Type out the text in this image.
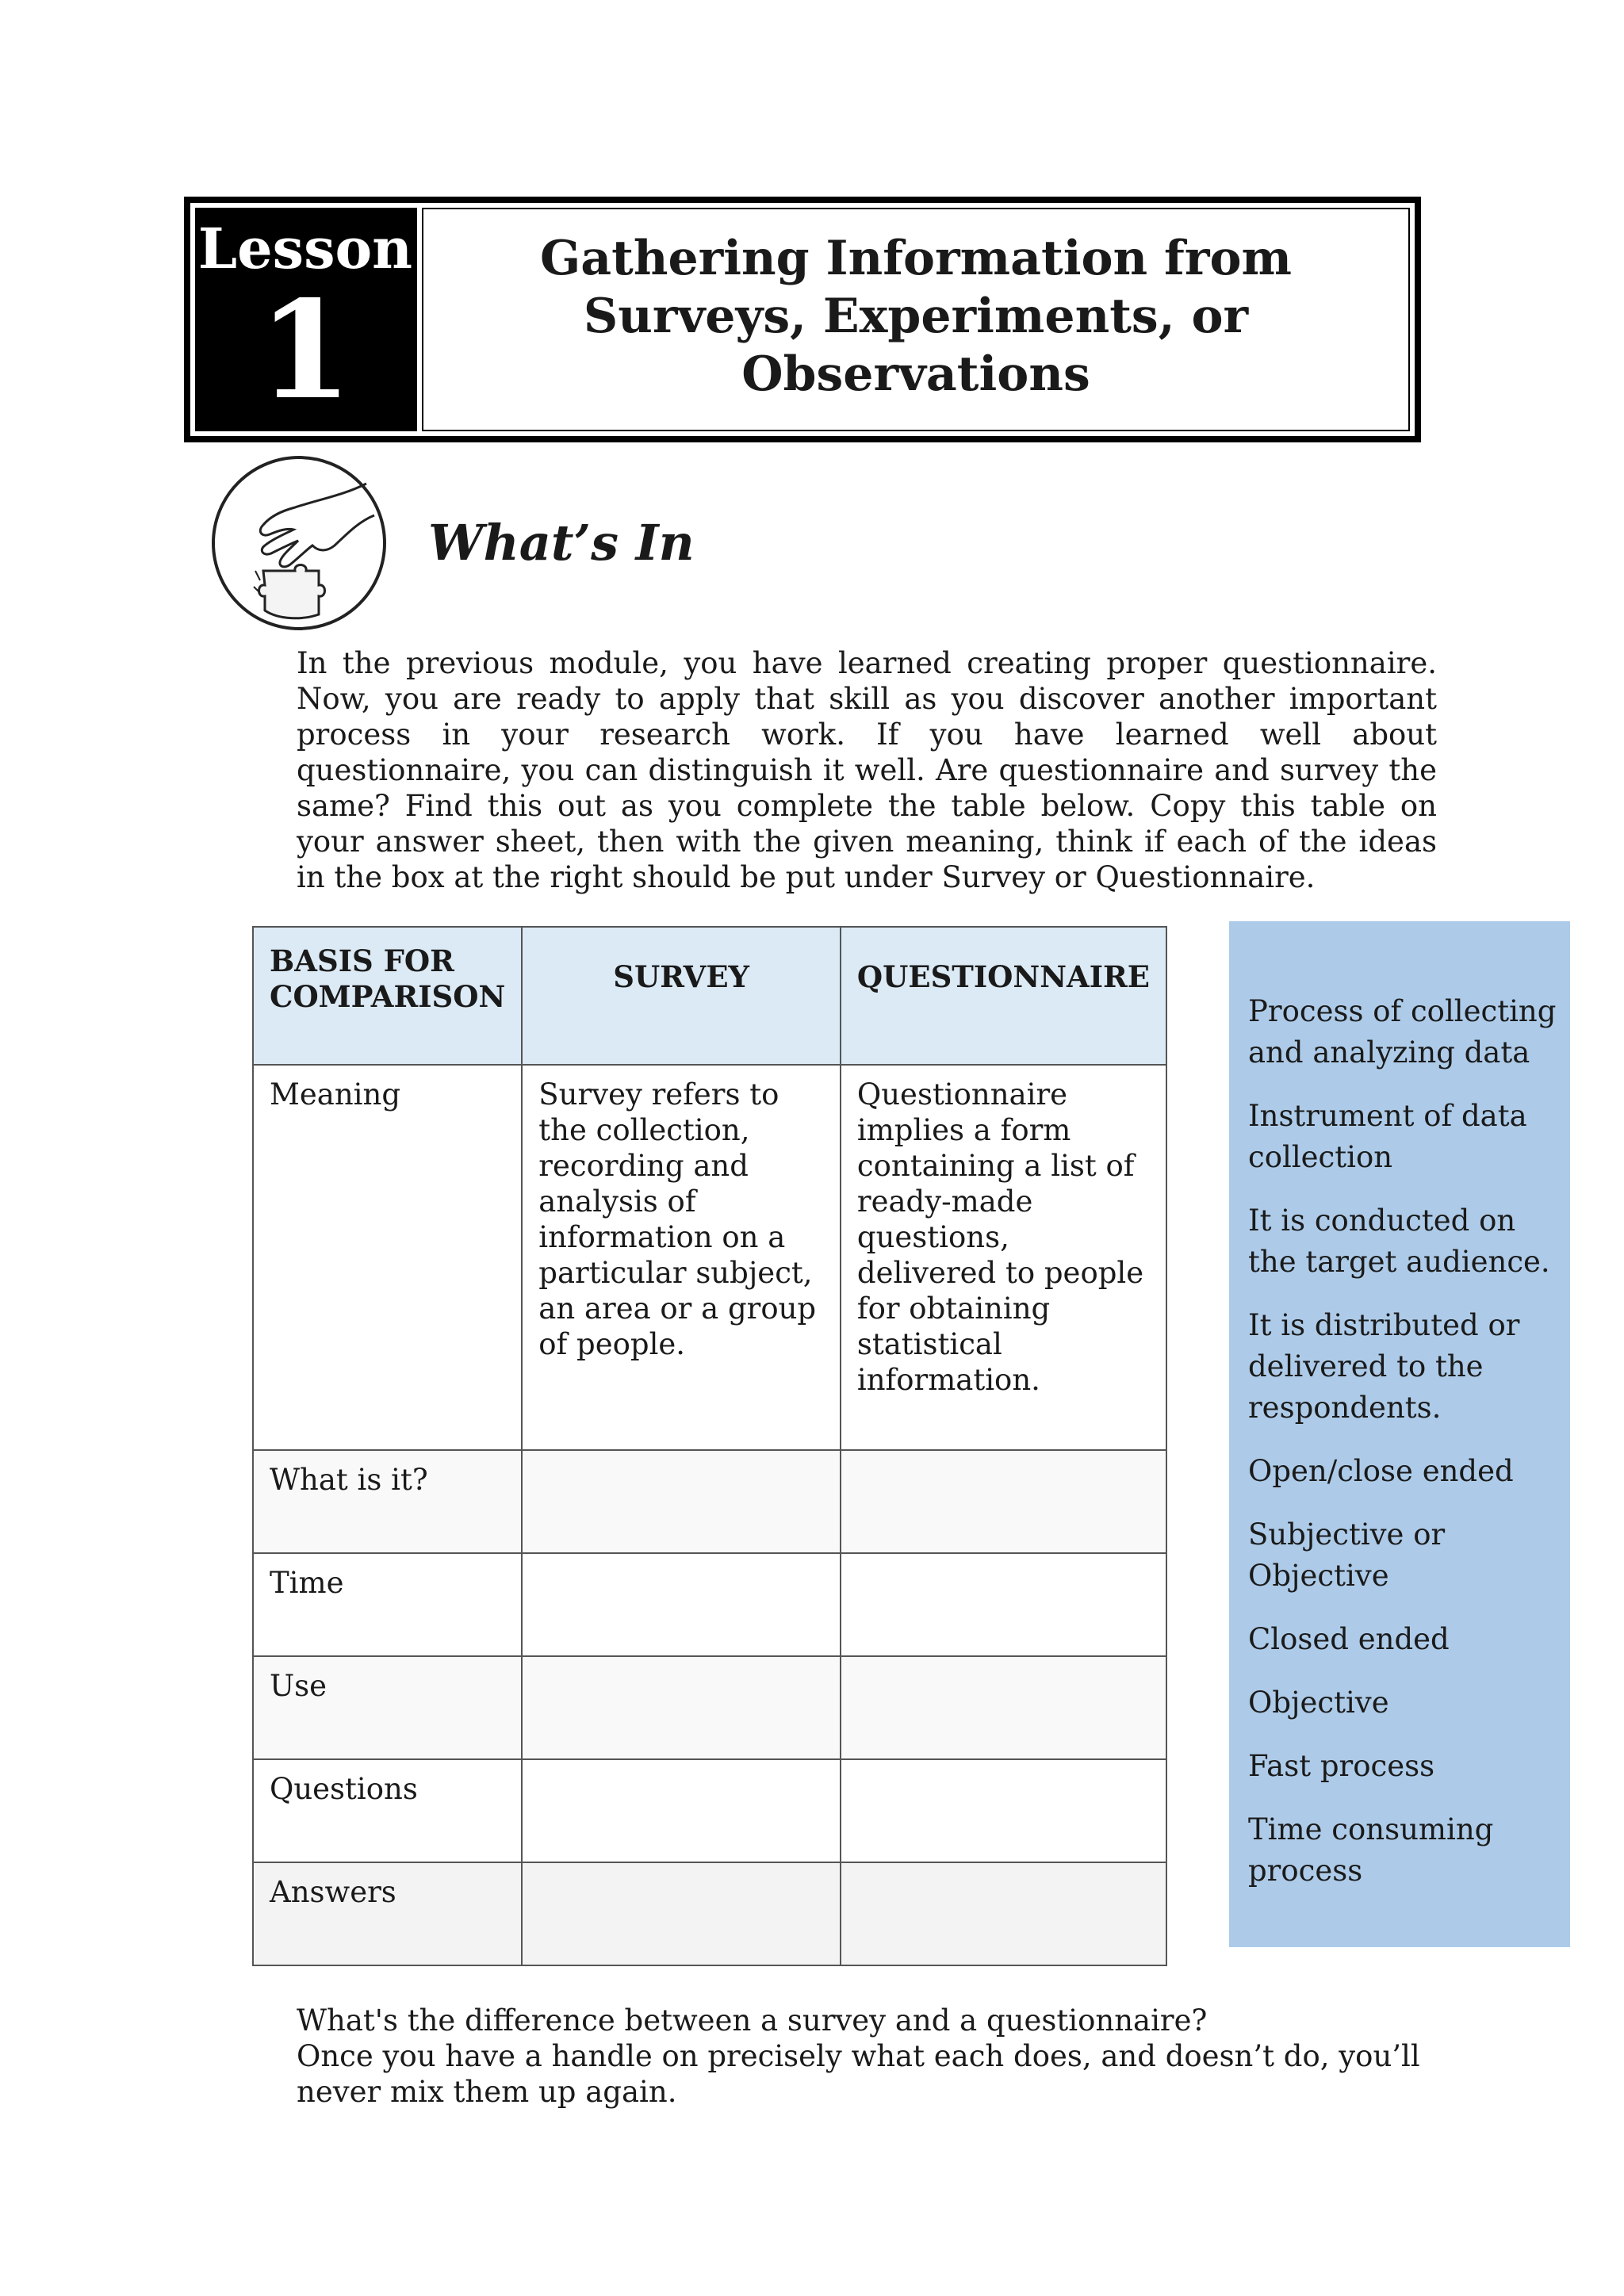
Lesson
1
Gathering Information from
Surveys, Experiments, or
Observations
What’s In
In the previous module, you have learned creating proper questionnaire. Now, you are ready to apply that skill as you discover another important process in your research work. If you have learned well about questionnaire, you can distinguish it well. Are questionnaire and survey the same? Find this out as you complete the table below. Copy this table on your answer sheet, then with the given meaning, think if each of the ideas in the box at the right should be put under Survey or Questionnaire.
BASIS FOR COMPARISON	SURVEY	QUESTIONNAIRE
Meaning	Survey refers to the collection, recording and analysis of information on a particular subject, an area or a group of people.	Questionnaire implies a form containing a list of ready-made questions, delivered to people for obtaining statistical information.
What is it?		
Time		
Use		
Questions		
Answers		
Process of collecting and analyzing data
Instrument of data collection
It is conducted on the target audience.
It is distributed or delivered to the respondents.
Open/close ended
Subjective or Objective
Closed ended
Objective
Fast process
Time consuming process
What's the difference between a survey and a questionnaire?
Once you have a handle on precisely what each does, and doesn’t do, you’ll
never mix them up again.
